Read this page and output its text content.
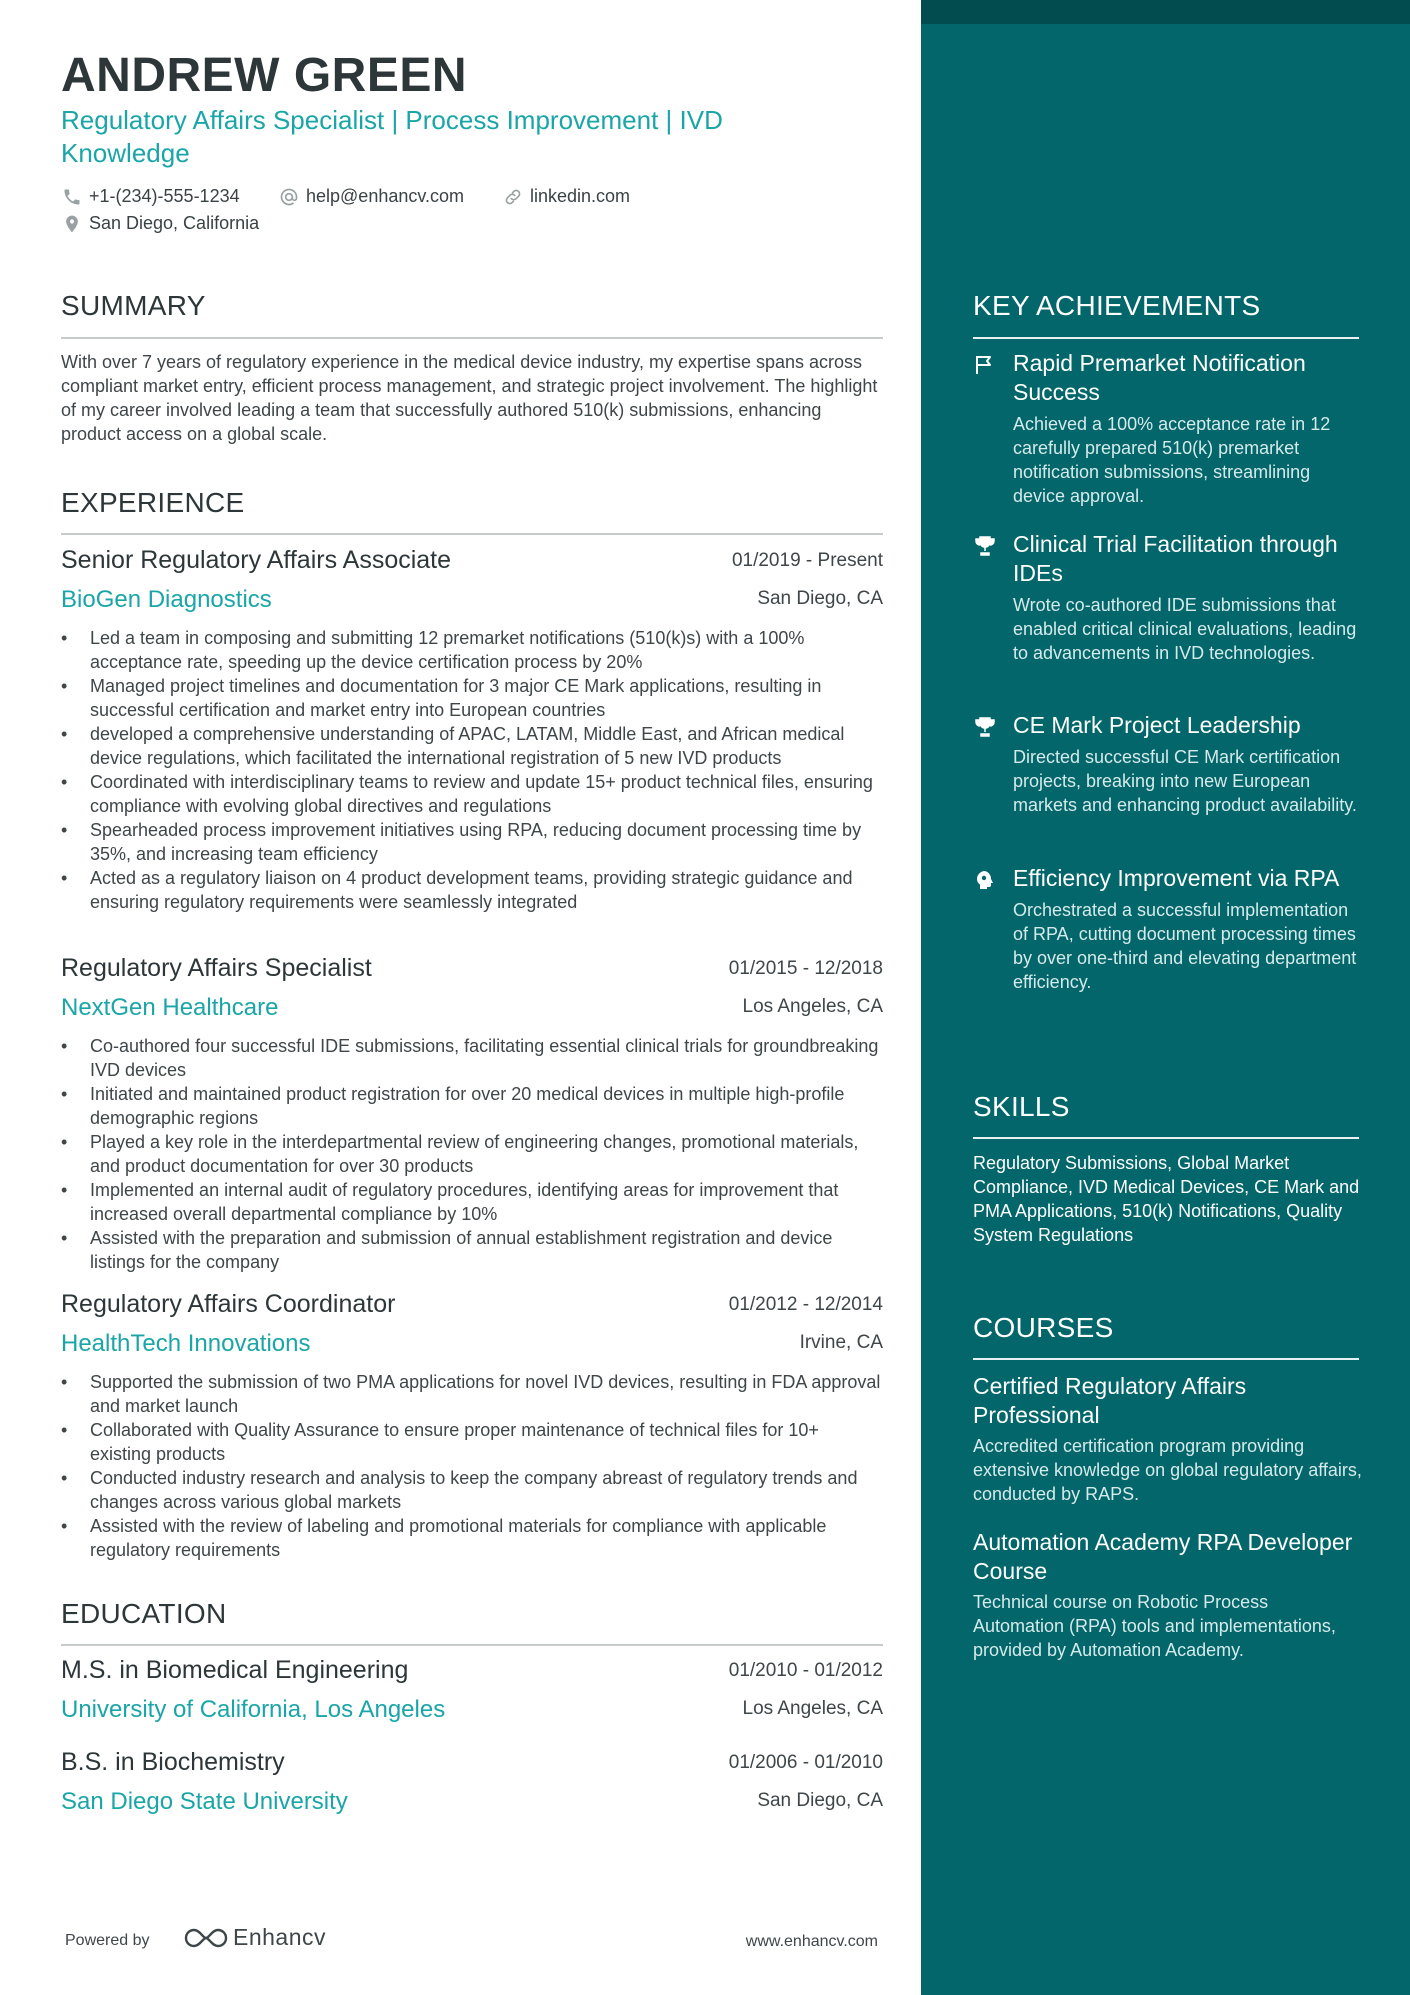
ANDREW GREEN

Regulatory Affairs Specialist | Process Improvement | IVD Knowledge

+1-(234)-555-1234	help@enhancv.com	linkedin.com
San Diego, California
SUMMARY

With over 7 years of regulatory experience in the medical device industry, my expertise spans across compliant market entry, efficient process management, and strategic project involvement. The highlight of my career involved leading a team that successfully authored 510(k) submissions, enhancing product access on a global scale.

EXPERIENCE
Senior Regulatory Affairs Associate	01/2019 - Present
BioGen Diagnostics	San Diego, CA
• Led a team in composing and submitting 12 premarket notifications (510(k)s) with a 100% acceptance rate, speeding up the device certification process by 20%
• Managed project timelines and documentation for 3 major CE Mark applications, resulting in successful certification and market entry into European countries
• developed a comprehensive understanding of APAC, LATAM, Middle East, and African medical device regulations, which facilitated the international registration of 5 new IVD products
• Coordinated with interdisciplinary teams to review and update 15+ product technical files, ensuring compliance with evolving global directives and regulations
• Spearheaded process improvement initiatives using RPA, reducing document processing time by 35%, and increasing team efficiency
• Acted as a regulatory liaison on 4 product development teams, providing strategic guidance and ensuring regulatory requirements were seamlessly integrated
Regulatory Affairs Specialist	01/2015 - 12/2018
NextGen Healthcare	Los Angeles, CA
• Co-authored four successful IDE submissions, facilitating essential clinical trials for groundbreaking IVD devices
• Initiated and maintained product registration for over 20 medical devices in multiple high-profile demographic regions
• Played a key role in the interdepartmental review of engineering changes, promotional materials, and product documentation for over 30 products
• Implemented an internal audit of regulatory procedures, identifying areas for improvement that increased overall departmental compliance by 10%
• Assisted with the preparation and submission of annual establishment registration and device listings for the company
Regulatory Affairs Coordinator	01/2012 - 12/2014
HealthTech Innovations	Irvine, CA
• Supported the submission of two PMA applications for novel IVD devices, resulting in FDA approval and market launch
• Collaborated with Quality Assurance to ensure proper maintenance of technical files for 10+ existing products
• Conducted industry research and analysis to keep the company abreast of regulatory trends and changes across various global markets
• Assisted with the review of labeling and promotional materials for compliance with applicable regulatory requirements
EDUCATION
M.S. in Biomedical Engineering	01/2010 - 01/2012
University of California, Los Angeles	Los Angeles, CA
B.S. in Biochemistry	01/2006 - 01/2010
San Diego State University	San Diego, CA
Powered by	Enhancv	www.enhancv.com
KEY ACHIEVEMENTS

Rapid Premarket Notification Success

Achieved a 100% acceptance rate in 12 carefully prepared 510(k) premarket notification submissions, streamlining device approval.

Clinical Trial Facilitation through IDEs

Wrote co-authored IDE submissions that enabled critical clinical evaluations, leading to advancements in IVD technologies.

CE Mark Project Leadership

Directed successful CE Mark certification projects, breaking into new European markets and enhancing product availability.

Efficiency Improvement via RPA

Orchestrated a successful implementation of RPA, cutting document processing times by over one-third and elevating department efficiency.

SKILLS

Regulatory Submissions, Global Market Compliance, IVD Medical Devices, CE Mark and PMA Applications, 510(k) Notifications, Quality System Regulations

COURSES

Certified Regulatory Affairs Professional

Accredited certification program providing extensive knowledge on global regulatory affairs, conducted by RAPS.

Automation Academy RPA Developer Course

Technical course on Robotic Process Automation (RPA) tools and implementations, provided by Automation Academy.
